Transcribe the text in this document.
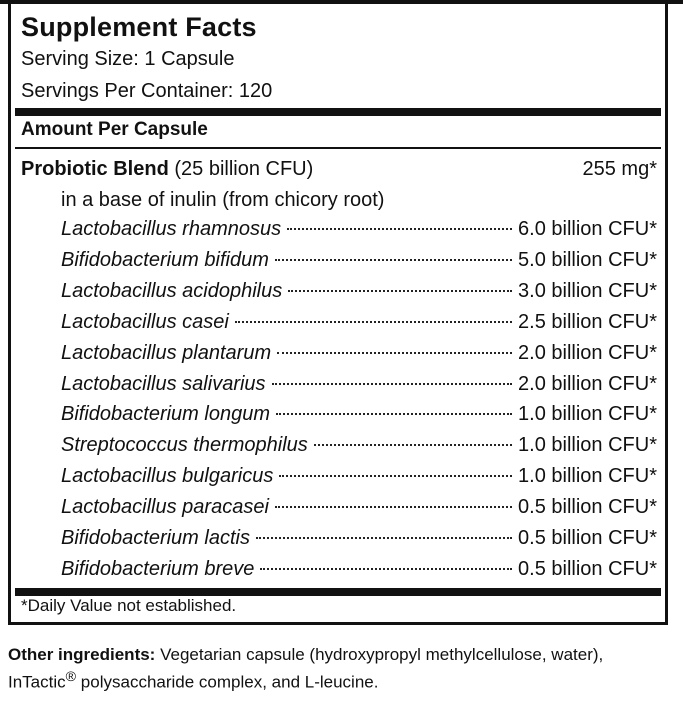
Supplement Facts
Serving Size: 1 Capsule
Servings Per Container: 120
Amount Per Capsule
Probiotic Blend (25 billion CFU)	255 mg*
in a base of inulin (from chicory root)
Lactobacillus rhamnosus	6.0 billion CFU*
Bifidobacterium bifidum	5.0 billion CFU*
Lactobacillus acidophilus	3.0 billion CFU*
Lactobacillus casei	2.5 billion CFU*
Lactobacillus plantarum	2.0 billion CFU*
Lactobacillus salivarius	2.0 billion CFU*
Bifidobacterium longum	1.0 billion CFU*
Streptococcus thermophilus	1.0 billion CFU*
Lactobacillus bulgaricus	1.0 billion CFU*
Lactobacillus paracasei	0.5 billion CFU*
Bifidobacterium lactis	0.5 billion CFU*
Bifidobacterium breve	0.5 billion CFU*
*Daily Value not established.
Other ingredients: Vegetarian capsule (hydroxypropyl methylcellulose, water), InTactic® polysaccharide complex, and L-leucine.
